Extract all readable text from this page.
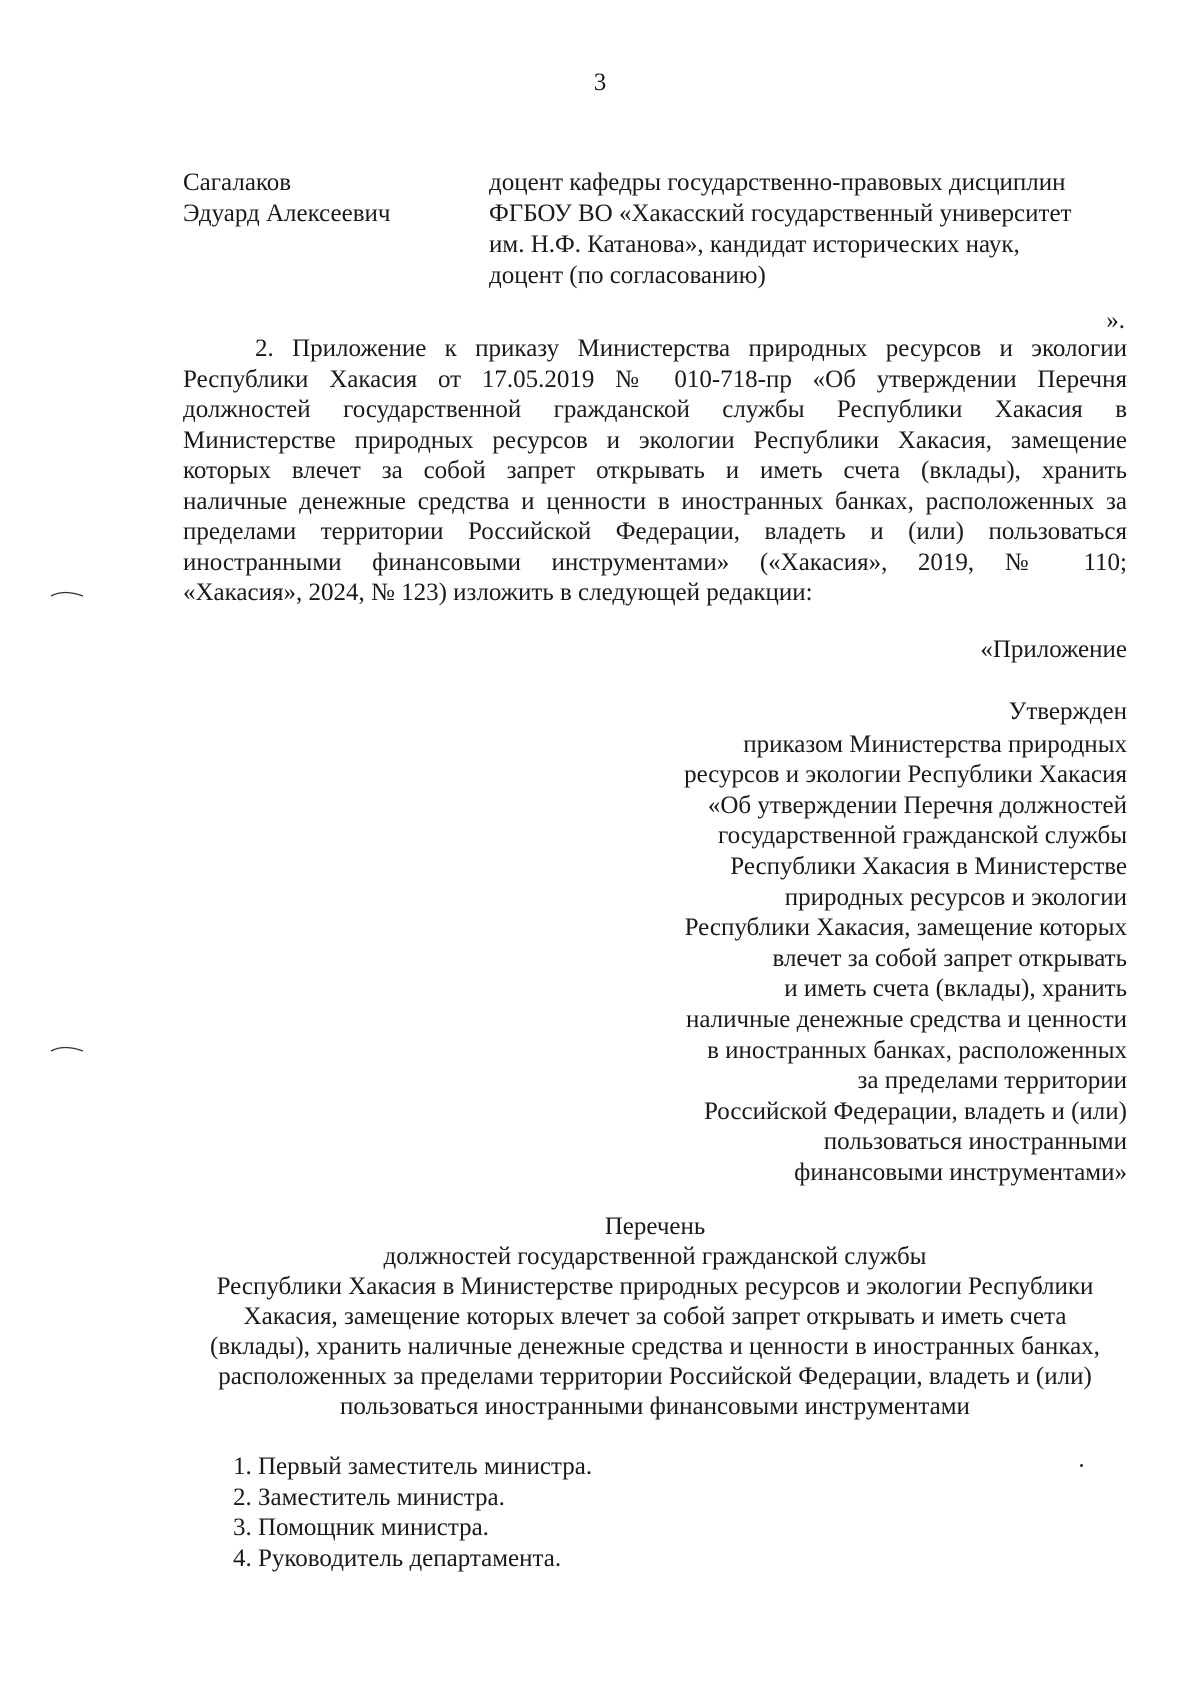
3
Сагалаков
Эдуард Алексеевич
доцент кафедры государственно-правовых дисциплин
ФГБОУ ВО «Хакасский государственный университет
им. Н.Ф. Катанова», кандидат исторических наук,
доцент (по согласованию)
».
2. Приложение к приказу Министерства природных ресурсов и экологии
Республики Хакасия от 17.05.2019 № 010-718-пр «Об утверждении Перечня
должностей государственной гражданской службы Республики Хакасия в
Министерстве природных ресурсов и экологии Республики Хакасия, замещение
которых влечет за собой запрет открывать и иметь счета (вклады), хранить
наличные денежные средства и ценности в иностранных банках, расположенных за
пределами территории Российской Федерации, владеть и (или) пользоваться
иностранными финансовыми инструментами» («Хакасия», 2019, № 110;
«Хакасия», 2024, № 123) изложить в следующей редакции:
«Приложение
Утвержден
приказом Министерства природных
ресурсов и экологии Республики Хакасия
«Об утверждении Перечня должностей
государственной гражданской службы
Республики Хакасия в Министерстве
природных ресурсов и экологии
Республики Хакасия, замещение которых
влечет за собой запрет открывать
и иметь счета (вклады), хранить
наличные денежные средства и ценности
в иностранных банках, расположенных
за пределами территории
Российской Федерации, владеть и (или)
пользоваться иностранными
финансовыми инструментами»
Перечень
должностей государственной гражданской службы
Республики Хакасия в Министерстве природных ресурсов и экологии Республики
Хакасия, замещение которых влечет за собой запрет открывать и иметь счета
(вклады), хранить наличные денежные средства и ценности в иностранных банках,
расположенных за пределами территории Российской Федерации, владеть и (или)
пользоваться иностранными финансовыми инструментами
1. Первый заместитель министра.
2. Заместитель министра.
3. Помощник министра.
4. Руководитель департамента.
